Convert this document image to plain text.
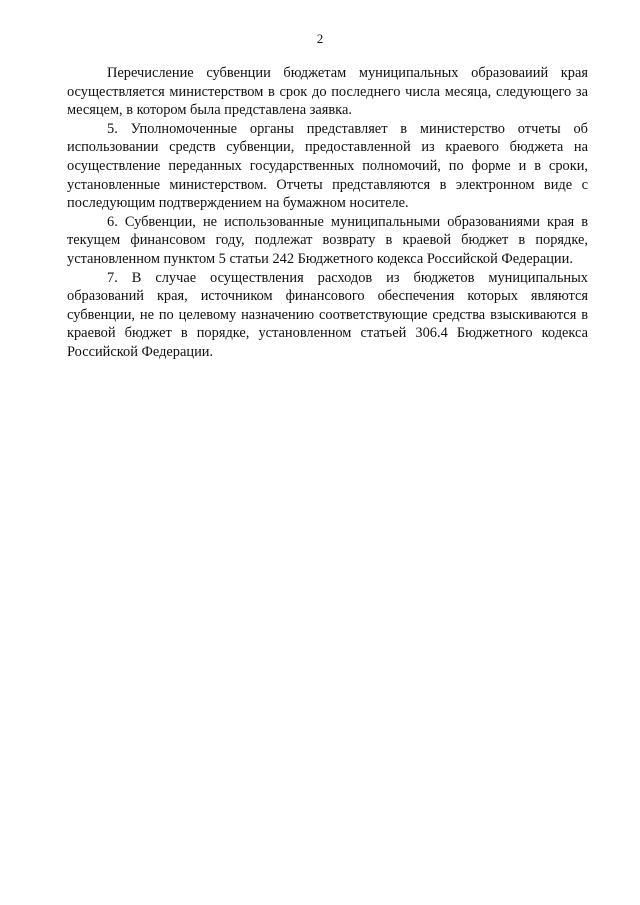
2

Перечисление субвенции бюджетам муниципальных образоваиий края осуществляется министерством в срок до последнего числа месяца, следующего за месяцем, в котором была представлена заявка.

5. Уполномоченные органы представляет в министерство отчеты об использовании средств субвенции, предоставленной из краевого бюджета на осуществление переданных государственных полномочий, по форме и в сроки, установленные министерством. Отчеты представляются в электронном виде с последующим подтверждением на бумажном носителе.

6. Субвенции, не использованные муниципальными образованиями края в текущем финансовом году, подлежат возврату в краевой бюджет в порядке, установленном пунктом 5 статьи 242 Бюджетного кодекса Российской Федерации.

7. В случае осуществления расходов из бюджетов муниципальных образований края, источником финансового обеспечения которых являются субвенции, не по целевому назначению соответствующие средства взыскиваются в краевой бюджет в порядке, установленном статьей 306.4 Бюджетного кодекса Российской Федерации.
